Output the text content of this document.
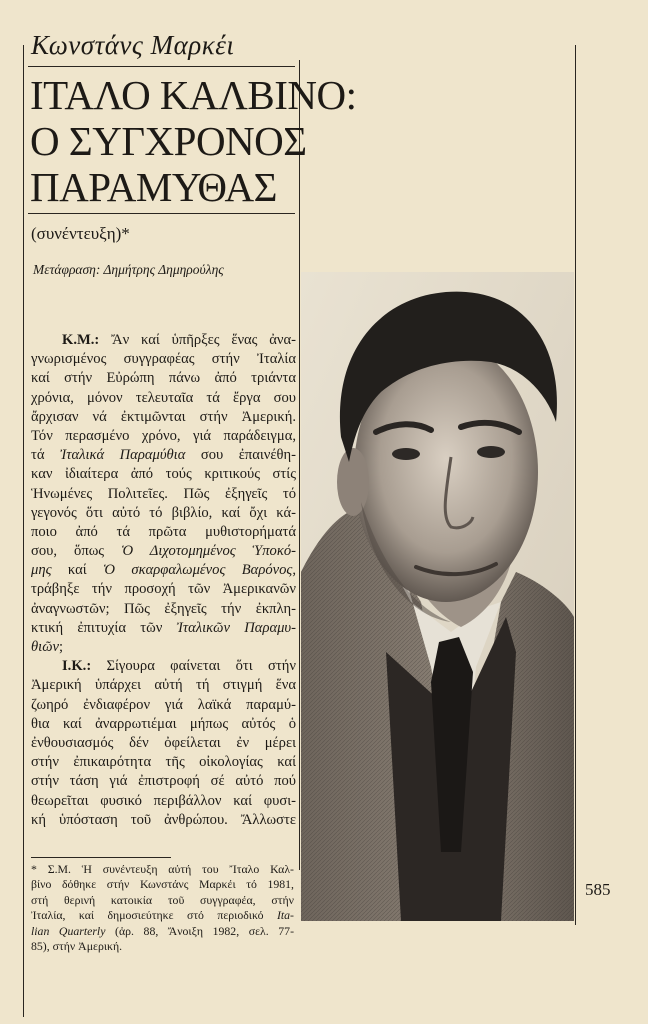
Κωνστάνς Μαρκέι
ΙΤΑΛΟ ΚΑΛΒΙΝΟ:
Ο ΣΥΓΧΡΟΝΟΣ
ΠΑΡΑΜΥΘΑΣ
(συνέντευξη)*
Μετάφραση: Δημήτρης Δημηρούλης
Κ.Μ.: Ἄν καί ὑπῆρξες ἕνας ἀνα-
γνωρισμένος συγγραφέας στήν Ἰταλία
καί στήν Εὐρώπη πάνω ἀπό τριάντα
χρόνια, μόνον τελευταῖα τά ἔργα σου
ἄρχισαν νά ἐκτιμῶνται στήν Ἀμερική.
Τόν περασμένο χρόνο, γιά παράδειγμα,
τά Ἰταλικά Παραμύθια σου ἐπαινέθη-
καν ἰδιαίτερα ἀπό τούς κριτικούς στίς
Ἡνωμένες Πολιτεῖες. Πῶς ἐξηγεῖς τό
γεγονός ὅτι αὐτό τό βιβλίο, καί ὄχι κά-
ποιο ἀπό τά πρῶτα μυθιστορήματά
σου, ὅπως Ὁ Διχοτομημένος Ὑποκό-
μης καί Ὁ σκαρφαλωμένος Βαρόνος,
τράβηξε τήν προσοχή τῶν Ἀμερικανῶν
ἀναγνωστῶν; Πῶς ἐξηγεῖς τήν ἐκπλη-
κτική ἐπιτυχία τῶν Ἰταλικῶν Παραμυ-
θιῶν;
Ι.Κ.: Σίγουρα φαίνεται ὅτι στήν
Ἀμερική ὑπάρχει αὐτή τή στιγμή ἕνα
ζωηρό ἐνδιαφέρον γιά λαϊκά παραμύ-
θια καί ἀναρρωτιέμαι μήπως αὐτός ὁ
ἐνθουσιασμός δέν ὀφείλεται ἐν μέρει
στήν ἐπικαιρότητα τῆς οἰκολογίας καί
στήν τάση γιά ἐπιστροφή σέ αὐτό πού
θεωρεῖται φυσικό περιβάλλον καί φυσι-
κή ὑπόσταση τοῦ ἀνθρώπου. Ἄλλωστε
* Σ.Μ. Ἡ συνέντευξη αὐτή του Ἴταλο Καλ-
βίνο δόθηκε στήν Κωνστάνς Μαρκέι τό 1981,
στή θερινή κατοικία τοῦ συγγραφέα, στήν
Ἰταλία, καί δημοσιεύτηκε στό περιοδικό Ita-
lian Quarterly (ἀρ. 88, Ἄνοιξη 1982, σελ. 77-
85), στήν Ἀμερική.
585
